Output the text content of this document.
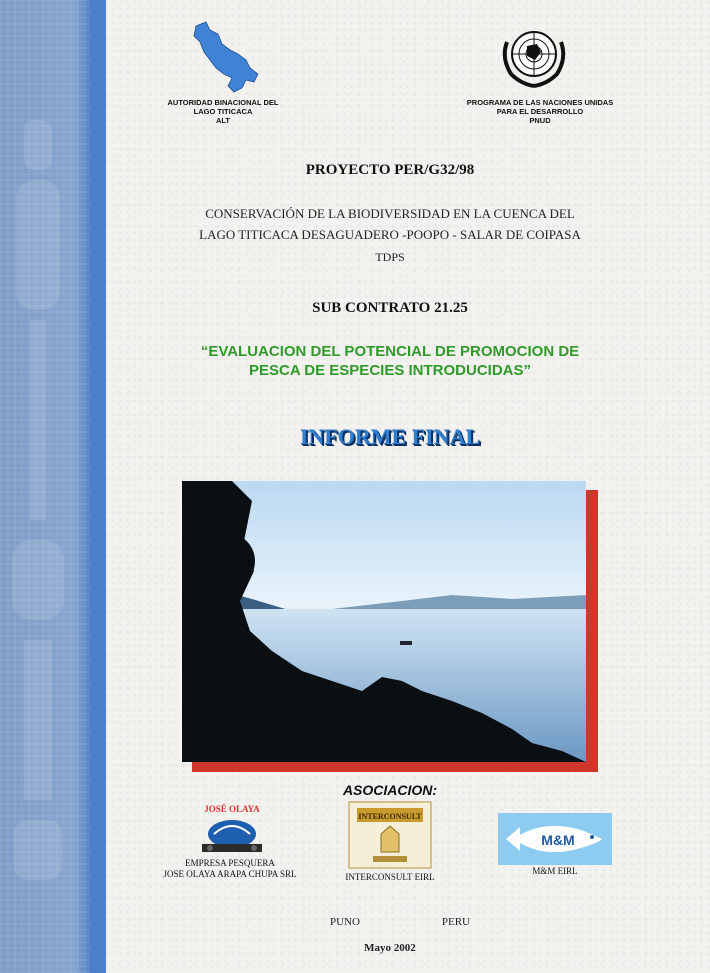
AUTORIDAD BINACIONAL DEL
LAGO TITICACA
ALT
PROGRAMA DE LAS NACIONES UNIDAS
PARA EL DESARROLLO
PNUD
PROYECTO PER/G32/98
CONSERVACIÓN DE LA BIODIVERSIDAD EN LA CUENCA DEL
LAGO TITICACA DESAGUADERO -POOPO - SALAR DE COIPASA
TDPS
SUB CONTRATO 21.25
“EVALUACION DEL POTENCIAL DE PROMOCION DE
PESCA DE ESPECIES INTRODUCIDAS”
INFORME FINAL
ASOCIACION:
JOSÉ OLAYA
INTERCONSULT
M&M
EMPRESA PESQUERA
JOSE OLAYA ARAPA CHUPA SRL	INTERCONSULT EIRL
M&M EIRL
PUNO	PERU
Mayo 2002
